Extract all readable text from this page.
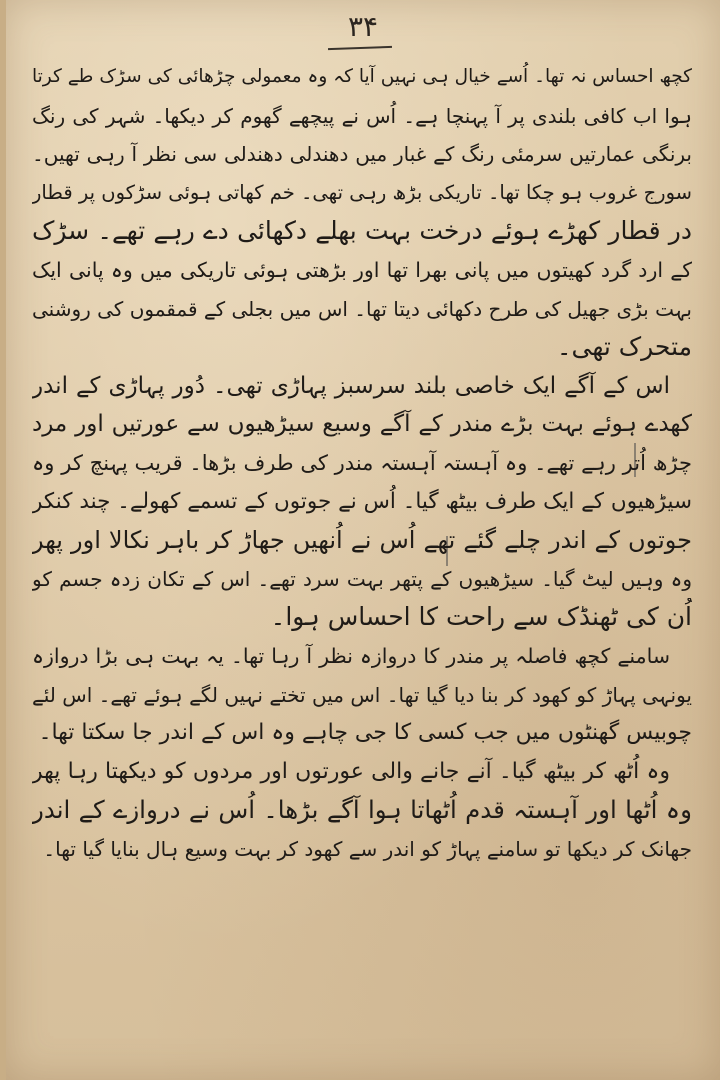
۳۴
کچھ احساس نہ تھا۔ اُسے خیال ہی نہیں آیا کہ وہ معمولی چڑھائی کی سڑک طے کرتا
ہوا اب کافی بلندی پر آ پہنچا ہے۔ اُس نے پیچھے گھوم کر دیکھا۔ شہر کی رنگ
برنگی عمارتیں سرمئی رنگ کے غبار میں دھندلی دھندلی سی نظر آ رہی تھیں۔
سورج غروب ہو چکا تھا۔ تاریکی بڑھ رہی تھی۔ خم کھاتی ہوئی سڑکوں پر قطار
در قطار کھڑے ہوئے درخت بہت بھلے دکھائی دے رہے تھے۔ سڑک
کے ارد گرد کھیتوں میں پانی بھرا تھا اور بڑھتی ہوئی تاریکی میں وہ پانی ایک
بہت بڑی جھیل کی طرح دکھائی دیتا تھا۔ اس میں بجلی کے قمقموں کی روشنی
متحرک تھی۔
اس کے آگے ایک خاصی بلند سرسبز پہاڑی تھی۔ دُور پہاڑی کے اندر
کھدے ہوئے بہت بڑے مندر کے آگے وسیع سیڑھیوں سے عورتیں اور مرد
چڑھ اُتر رہے تھے۔ وہ آہستہ آہستہ مندر کی طرف بڑھا۔ قریب پہنچ کر وہ
سیڑھیوں کے ایک طرف بیٹھ گیا۔ اُس نے جوتوں کے تسمے کھولے۔ چند کنکر
جوتوں کے اندر چلے گئے تھے اُس نے اُنھیں جھاڑ کر باہر نکالا اور پھر
وہ وہیں لیٹ گیا۔ سیڑھیوں کے پتھر بہت سرد تھے۔ اس کے تکان زدہ جسم کو
اُن کی ٹھنڈک سے راحت کا احساس ہوا۔
سامنے کچھ فاصلہ پر مندر کا دروازہ نظر آ رہا تھا۔ یہ بہت ہی بڑا دروازہ
یونہی پہاڑ کو کھود کر بنا دیا گیا تھا۔ اس میں تختے نہیں لگے ہوئے تھے۔ اس لئے
چوبیس گھنٹوں میں جب کسی کا جی چاہے وہ اس کے اندر جا سکتا تھا۔
وہ اُٹھ کر بیٹھ گیا۔ آنے جانے والی عورتوں اور مردوں کو دیکھتا رہا پھر
وہ اُٹھا اور آہستہ قدم اُٹھاتا ہوا آگے بڑھا۔ اُس نے دروازے کے اندر
جھانک کر دیکھا تو سامنے پہاڑ کو اندر سے کھود کر بہت وسیع ہال بنایا گیا تھا۔
